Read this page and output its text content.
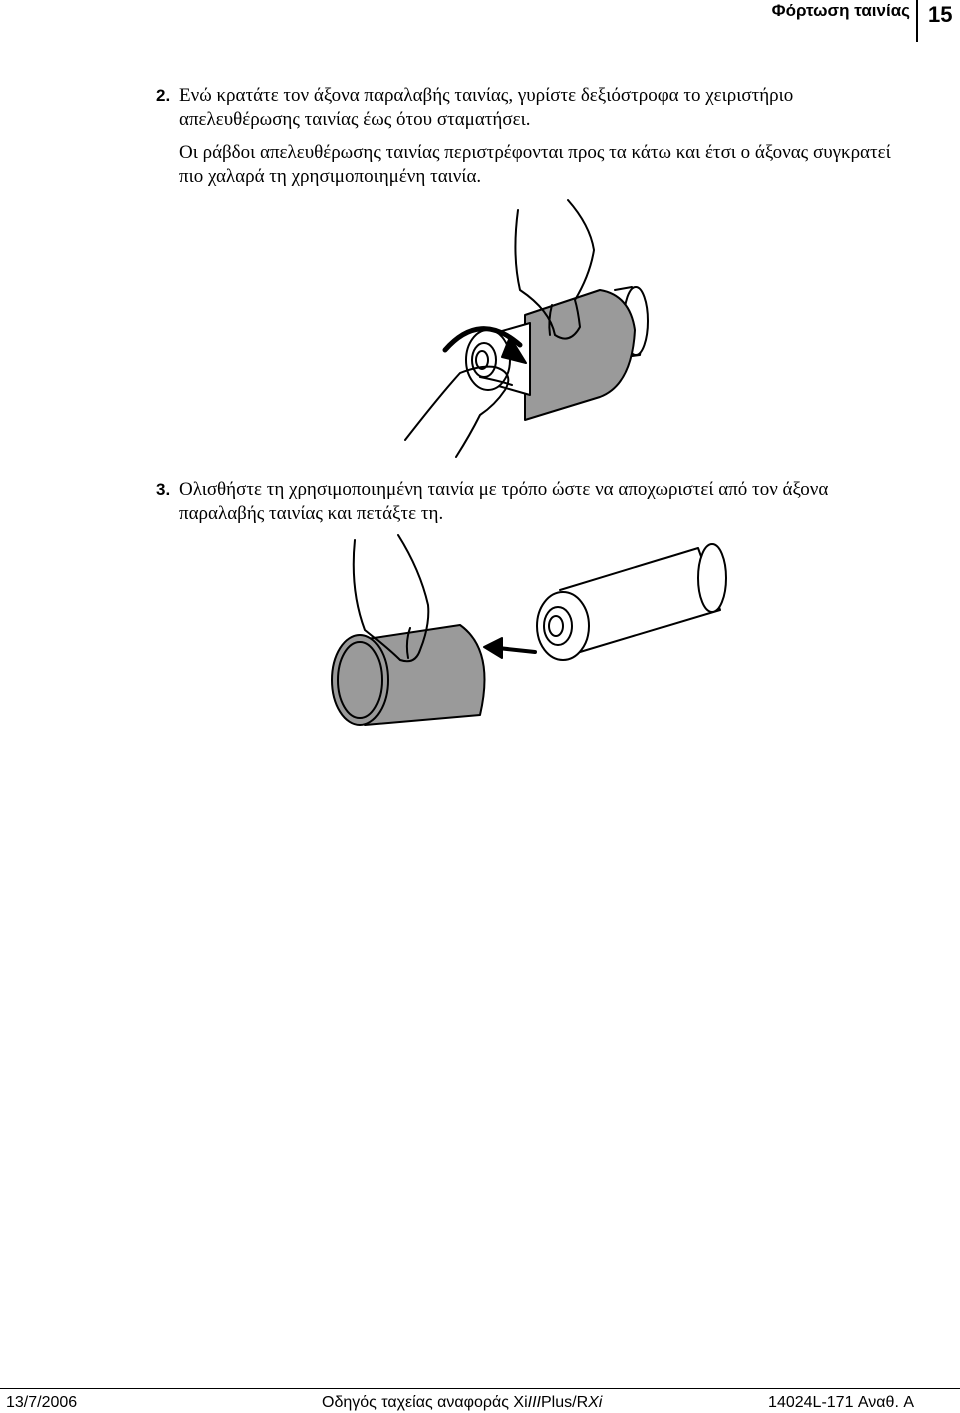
Φόρτωση ταινίας 15
2. Ενώ κρατάτε τον άξονα παραλαβής ταινίας, γυρίστε δεξιόστροφα το χειριστήριο απελευθέρωσης ταινίας έως ότου σταματήσει.

Οι ράβδοι απελευθέρωσης ταινίας περιστρέφονται προς τα κάτω και έτσι ο άξονας συγκρατεί πιο χαλαρά τη χρησιμοποιημένη ταινία.

3. Ολισθήστε τη χρησιμοποιημένη ταινία με τρόπο ώστε να αποχωριστεί από τον άξονα παραλαβής ταινίας και πετάξτε τη.

13/7/2006	Οδηγός ταχείας αναφοράς XiIIIPlus/RXi	14024L-171 Αναθ. A
